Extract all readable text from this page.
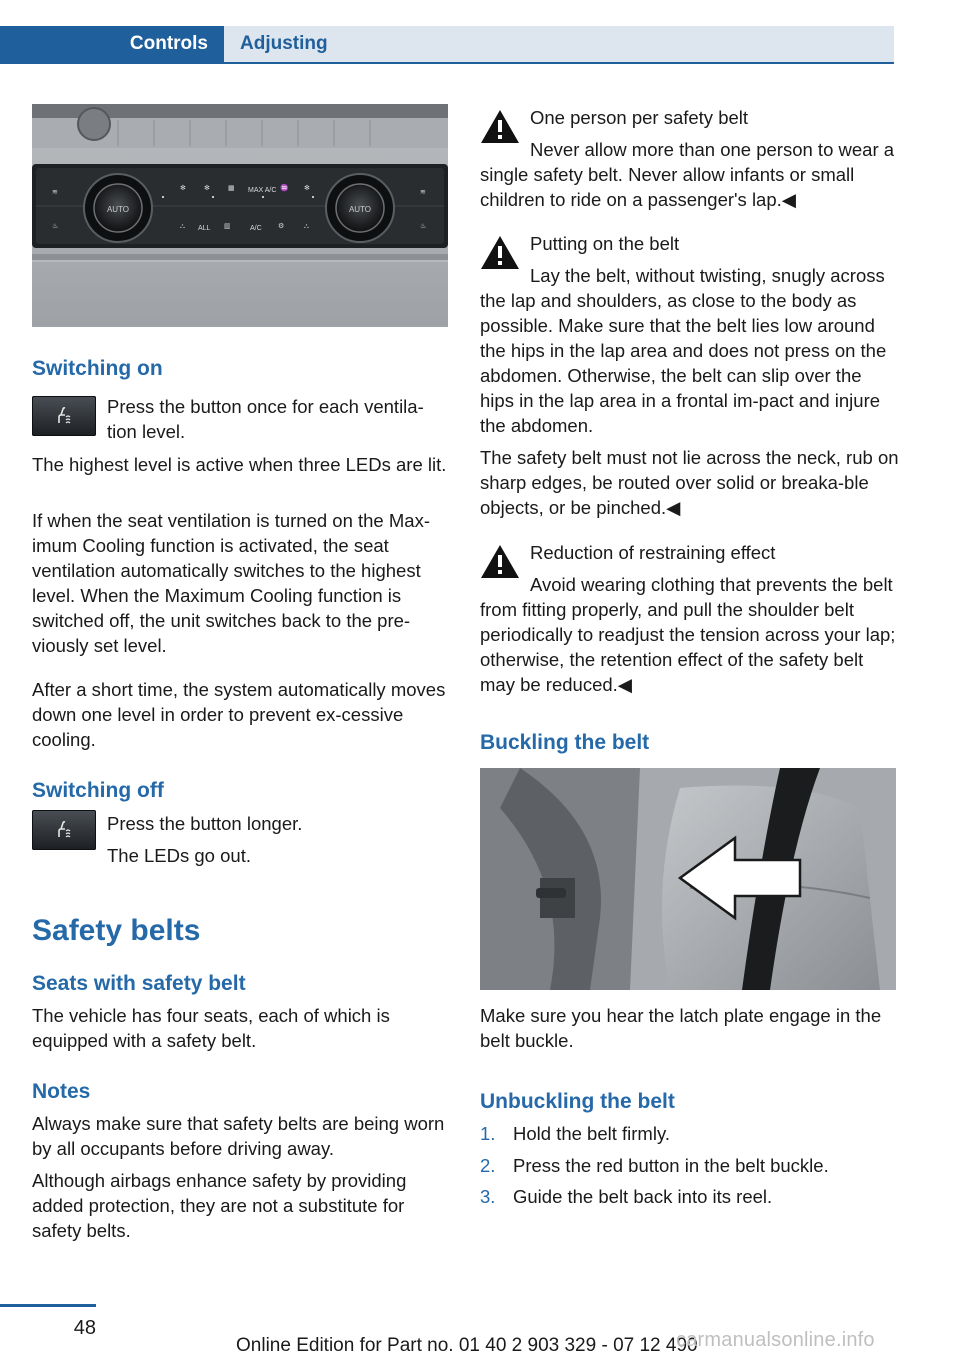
Controls	Adjusting
AUTO	AUTO
≋
♨
✻	✻	▦ MAX A/C ♒ ✻
⛬ ALL ▥	A/C ⚙	⛬
≋
♨
Switching on
Press the button once for each ventila-tion level.
The highest level is active when three LEDs are lit.
If when the seat ventilation is turned on the Max-imum Cooling function is activated, the seat ventilation automatically switches to the highest level. When the Maximum Cooling function is switched off, the unit switches back to the pre-viously set level.
After a short time, the system automatically moves down one level in order to prevent ex-cessive cooling.
Switching off
Press the button longer.
The LEDs go out.
Safety belts
Seats with safety belt
The vehicle has four seats, each of which is equipped with a safety belt.
Notes
Always make sure that safety belts are being worn by all occupants before driving away.
Although airbags enhance safety by providing added protection, they are not a substitute for safety belts.
One person per safety belt
Never allow more than one person to wear a single safety belt. Never allow infants or small children to ride on a passenger's lap.◀
Putting on the belt
Lay the belt, without twisting, snugly across the lap and shoulders, as close to the body as possible. Make sure that the belt lies low around the hips in the lap area and does not press on the abdomen. Otherwise, the belt can slip over the hips in the lap area in a frontal im-pact and injure the abdomen.
The safety belt must not lie across the neck, rub on sharp edges, be routed over solid or breaka-ble objects, or be pinched.◀
Reduction of restraining effect
Avoid wearing clothing that prevents the belt from fitting properly, and pull the shoulder belt periodically to readjust the tension across your lap; otherwise, the retention effect of the safety belt may be reduced.◀
Buckling the belt
Make sure you hear the latch plate engage in the belt buckle.
Unbuckling the belt
1. Hold the belt firmly.
2. Press the red button in the belt buckle.
3. Guide the belt back into its reel.
48
Online Edition for Part no. 01 40 2 903 329 - 07 12 490
carmanualsonline.info
